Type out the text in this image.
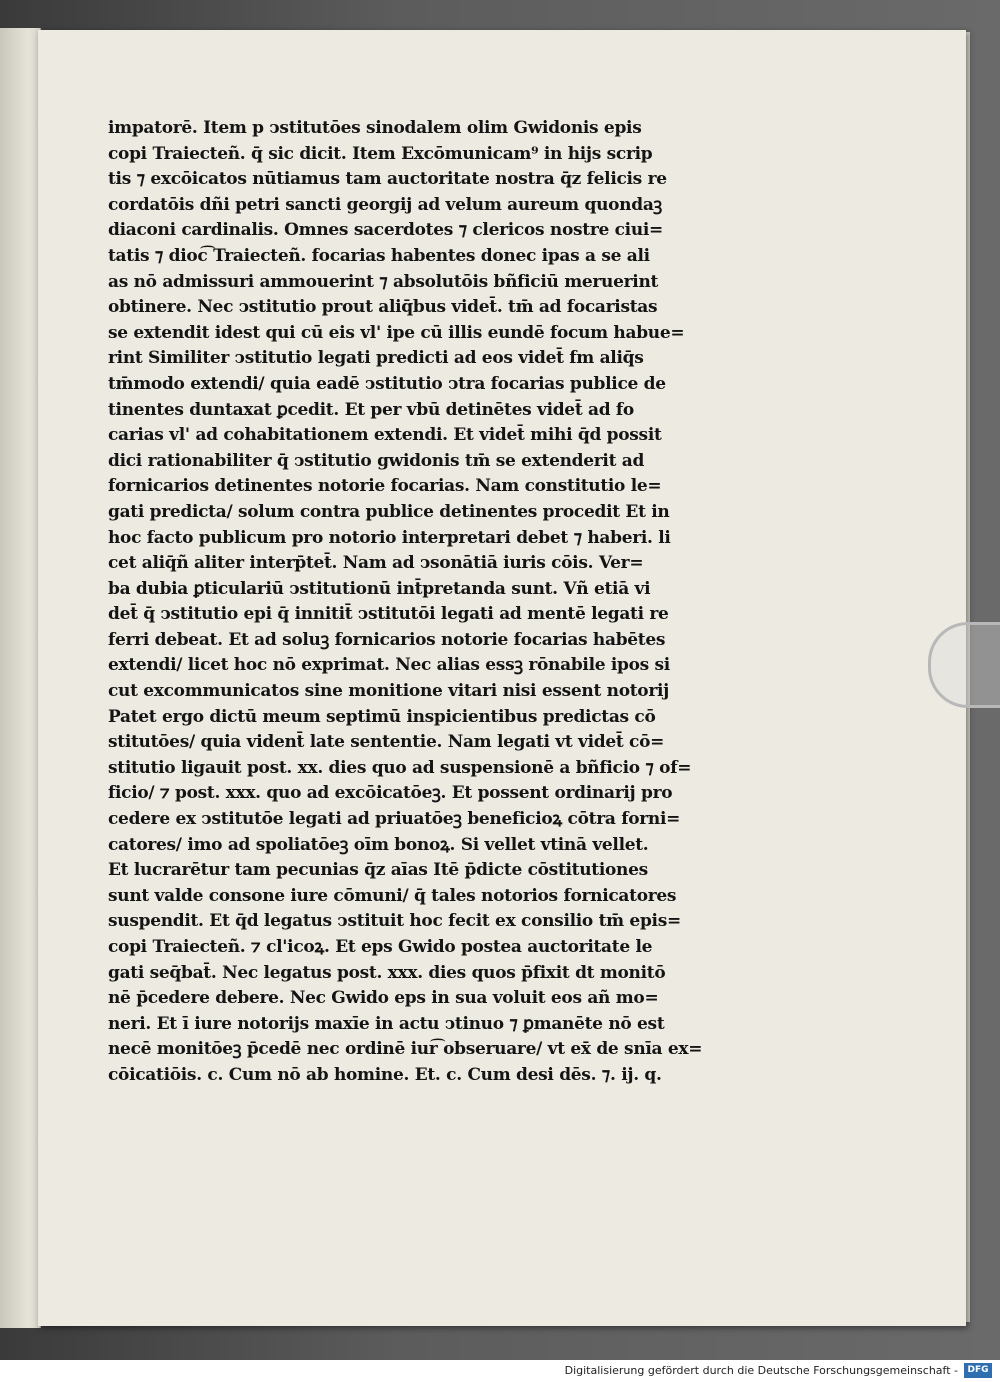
impatorē. Item p ↄstitutōes sinodalem olim Gwidonis epis
copi Traiecteñ. q̄ sic dicit. Item Excōmunicam⁹ in hijs scrip
tis ⁊ excōicatos nūtiamus tam auctoritate nostra q̄z felicis re
cordatōis dñi petri sancti georgij ad velum aureum quondaꝫ
diaconi cardinalis. Omnes sacerdotes ⁊ clericos nostre ciui=
tatis ⁊ dioc͡ Traiecteñ. focarias habentes donec ipas a se ali
as nō admissuri ammouerint ⁊ absolutōis bñficiū meruerint
obtinere. Nec ↄstitutio prout aliq̄bus videt̄. tm̄ ad focaristas
se extendit idest qui cū eis vl' ipe cū illis eundē focum habue=
rint Similiter ↄstitutio legati predicti ad eos videt̄ fm aliq̄s
tm̄modo extendi/ quia eadē ↄstitutio ↄtra focarias publice de
tinentes duntaxat ꝑcedit. Et per vbū detinētes videt̄ ad fo
carias vl' ad cohabitationem extendi. Et videt̄ mihi q̄d possit
dici rationabiliter q̄ ↄstitutio gwidonis tm̄ se extenderit ad
fornicarios detinentes notorie focarias. Nam constitutio le=
gati predicta/ solum contra publice detinentes procedit Et in
hoc facto publicum pro notorio interpretari debet ⁊ haberi. li
cet aliq̄ñ aliter interp̄tet̄. Nam ad ↄsonātiā iuris cōis. Ver=
ba dubia ꝑticulariū ↄstitutionū int̄pretanda sunt. Vñ etiā vi
det̄ q̄ ↄstitutio epi q̄ innitit̄ ↄstitutōi legati ad mentē legati re
ferri debeat. Et ad soluꝫ fornicarios notorie focarias habētes
extendi/ licet hoc nō exprimat. Nec alias essꝫ rōnabile ipos si
cut excommunicatos sine monitione vitari nisi essent notorij
Patet ergo dictū meum septimū inspicientibus predictas cō
stitutōes/ quia vident̄ late sententie. Nam legati vt videt̄ cō=
stitutio ligauit post. xx. dies quo ad suspensionē a bñficio ⁊ of=
ficio/ ⁊ post. xxx. quo ad excōicatōeꝫ. Et possent ordinarij pro
cedere ex ↄstitutōe legati ad priuatōeꝫ beneficioꝝ cōtra forni=
catores/ imo ad spoliatōeꝫ oīm bonoꝝ. Si vellet vtinā vellet.
Et lucrarētur tam pecunias q̄z aīas Itē p̄dicte cōstitutiones
sunt valde consone iure cōmuni/ q̄ tales notorios fornicatores
suspendit. Et q̄d legatus ↄstituit hoc fecit ex consilio tm̄ epis=
copi Traiecteñ. ⁊ cl'icoꝝ. Et eps Gwido postea auctoritate le
gati seq̄bat̄. Nec legatus post. xxx. dies quos p̄fixit dt monitō
nē p̄cedere debere. Nec Gwido eps in sua voluit eos añ mo=
neri. Et ī iure notorijs maxīe in actu ↄtinuo ⁊ ꝑmanēte nō est
necē monitōeꝫ p̄cedē nec ordinē iur͡ obseruare/ vt ex̄ de snīa ex=
cōicatiōis. c. Cum nō ab homine. Et. c. Cum desi dēs. ⁊. ij. q.
Digitalisierung gefördert durch die Deutsche Forschungsgemeinschaft -	DFG
